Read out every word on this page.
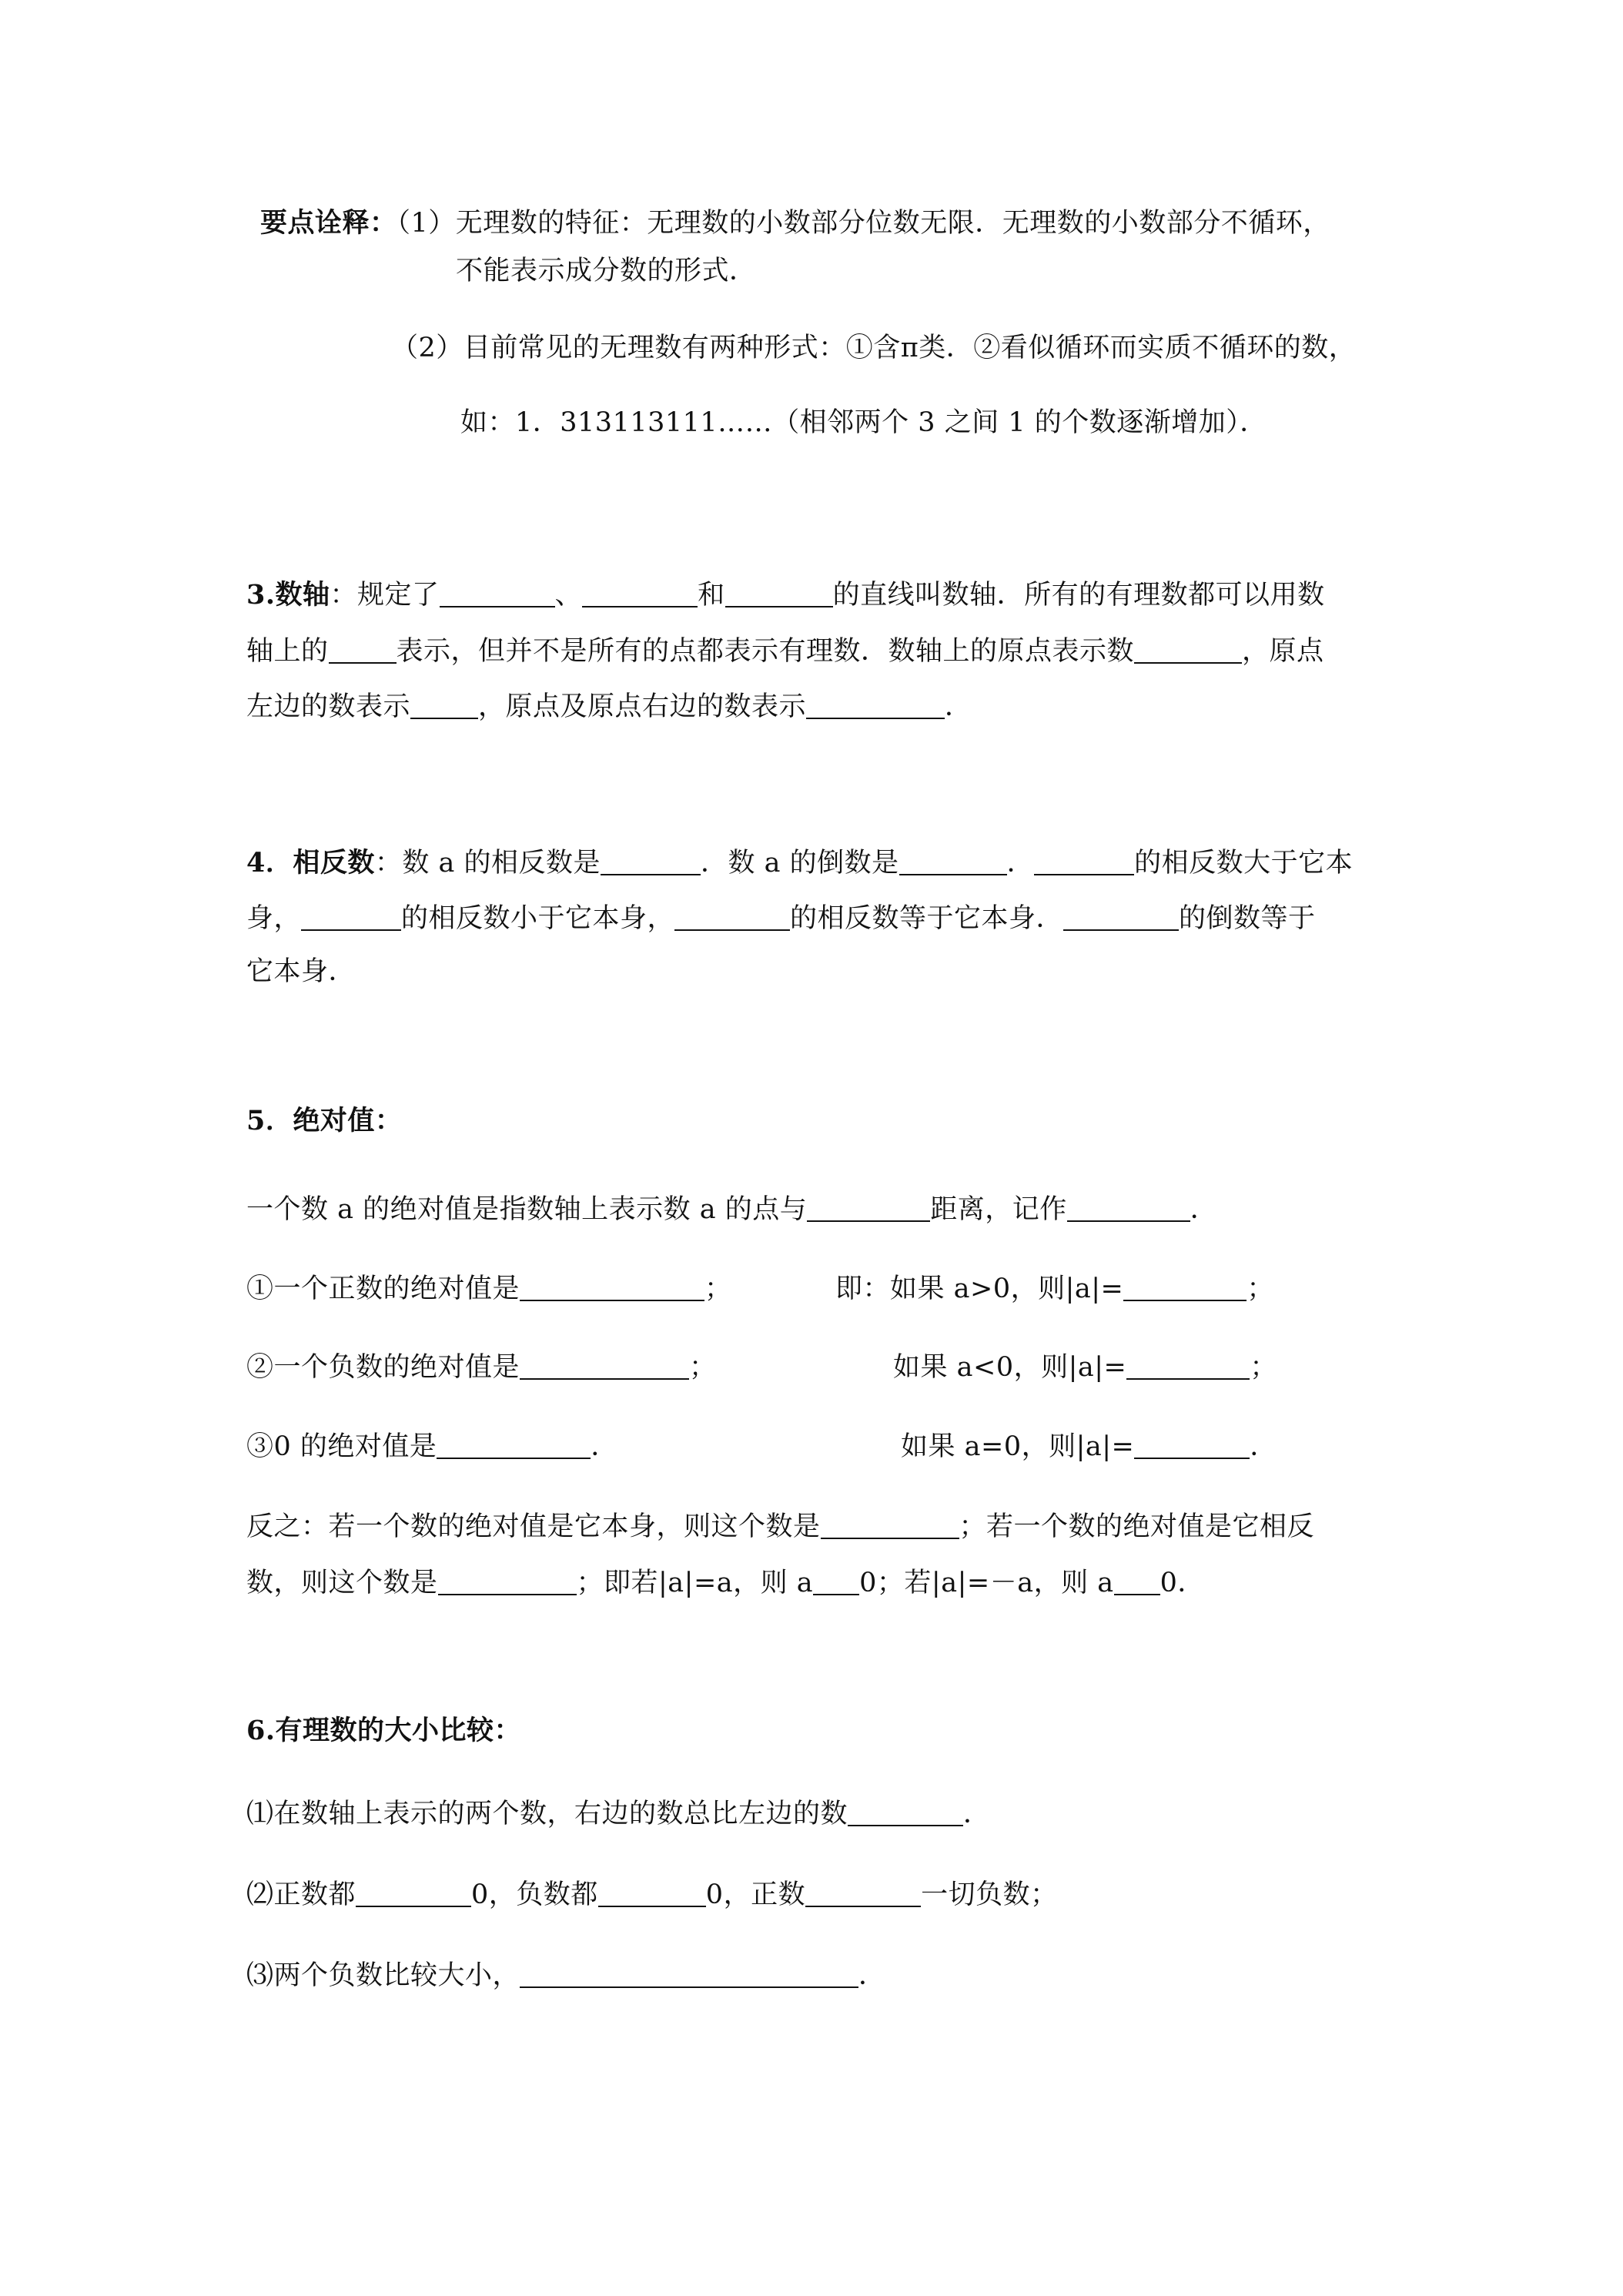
要点诠释：（1）无理数的特征：无理数的小数部分位数无限．无理数的小数部分不循环，
不能表示成分数的形式．
（2）目前常见的无理数有两种形式：①含π类．②看似循环而实质不循环的数，
如：1．313113111……（相邻两个 3 之间 1 的个数逐渐增加）．
3.数轴：规定了	、	和	的直线叫数轴．所有的有理数都可以用数
轴上的	表示，但并不是所有的点都表示有理数．数轴上的原点表示数	，原点
左边的数表示	，原点及原点右边的数表示	．
4．相反数：数 a 的相反数是	．数 a 的倒数是	．	的相反数大于它本
身，	的相反数小于它本身，	的相反数等于它本身．	的倒数等于
它本身．
5．绝对值：
一个数 a 的绝对值是指数轴上表示数 a 的点与	距离，记作	．
①一个正数的绝对值是	；	即：如果 a>0，则|a|=	；
②一个负数的绝对值是	；	如果 a<0，则|a|=	；
③0 的绝对值是	．	如果 a=0，则|a|=	．
反之：若一个数的绝对值是它本身，则这个数是	；若一个数的绝对值是它相反
数，则这个数是	；即若|a|=a，则 a 0；若|a|=－a，则 a 0．
6.有理数的大小比较：
⑴在数轴上表示的两个数，右边的数总比左边的数	．
⑵正数都	0，负数都	0，正数	一切负数；
⑶两个负数比较大小，	．
